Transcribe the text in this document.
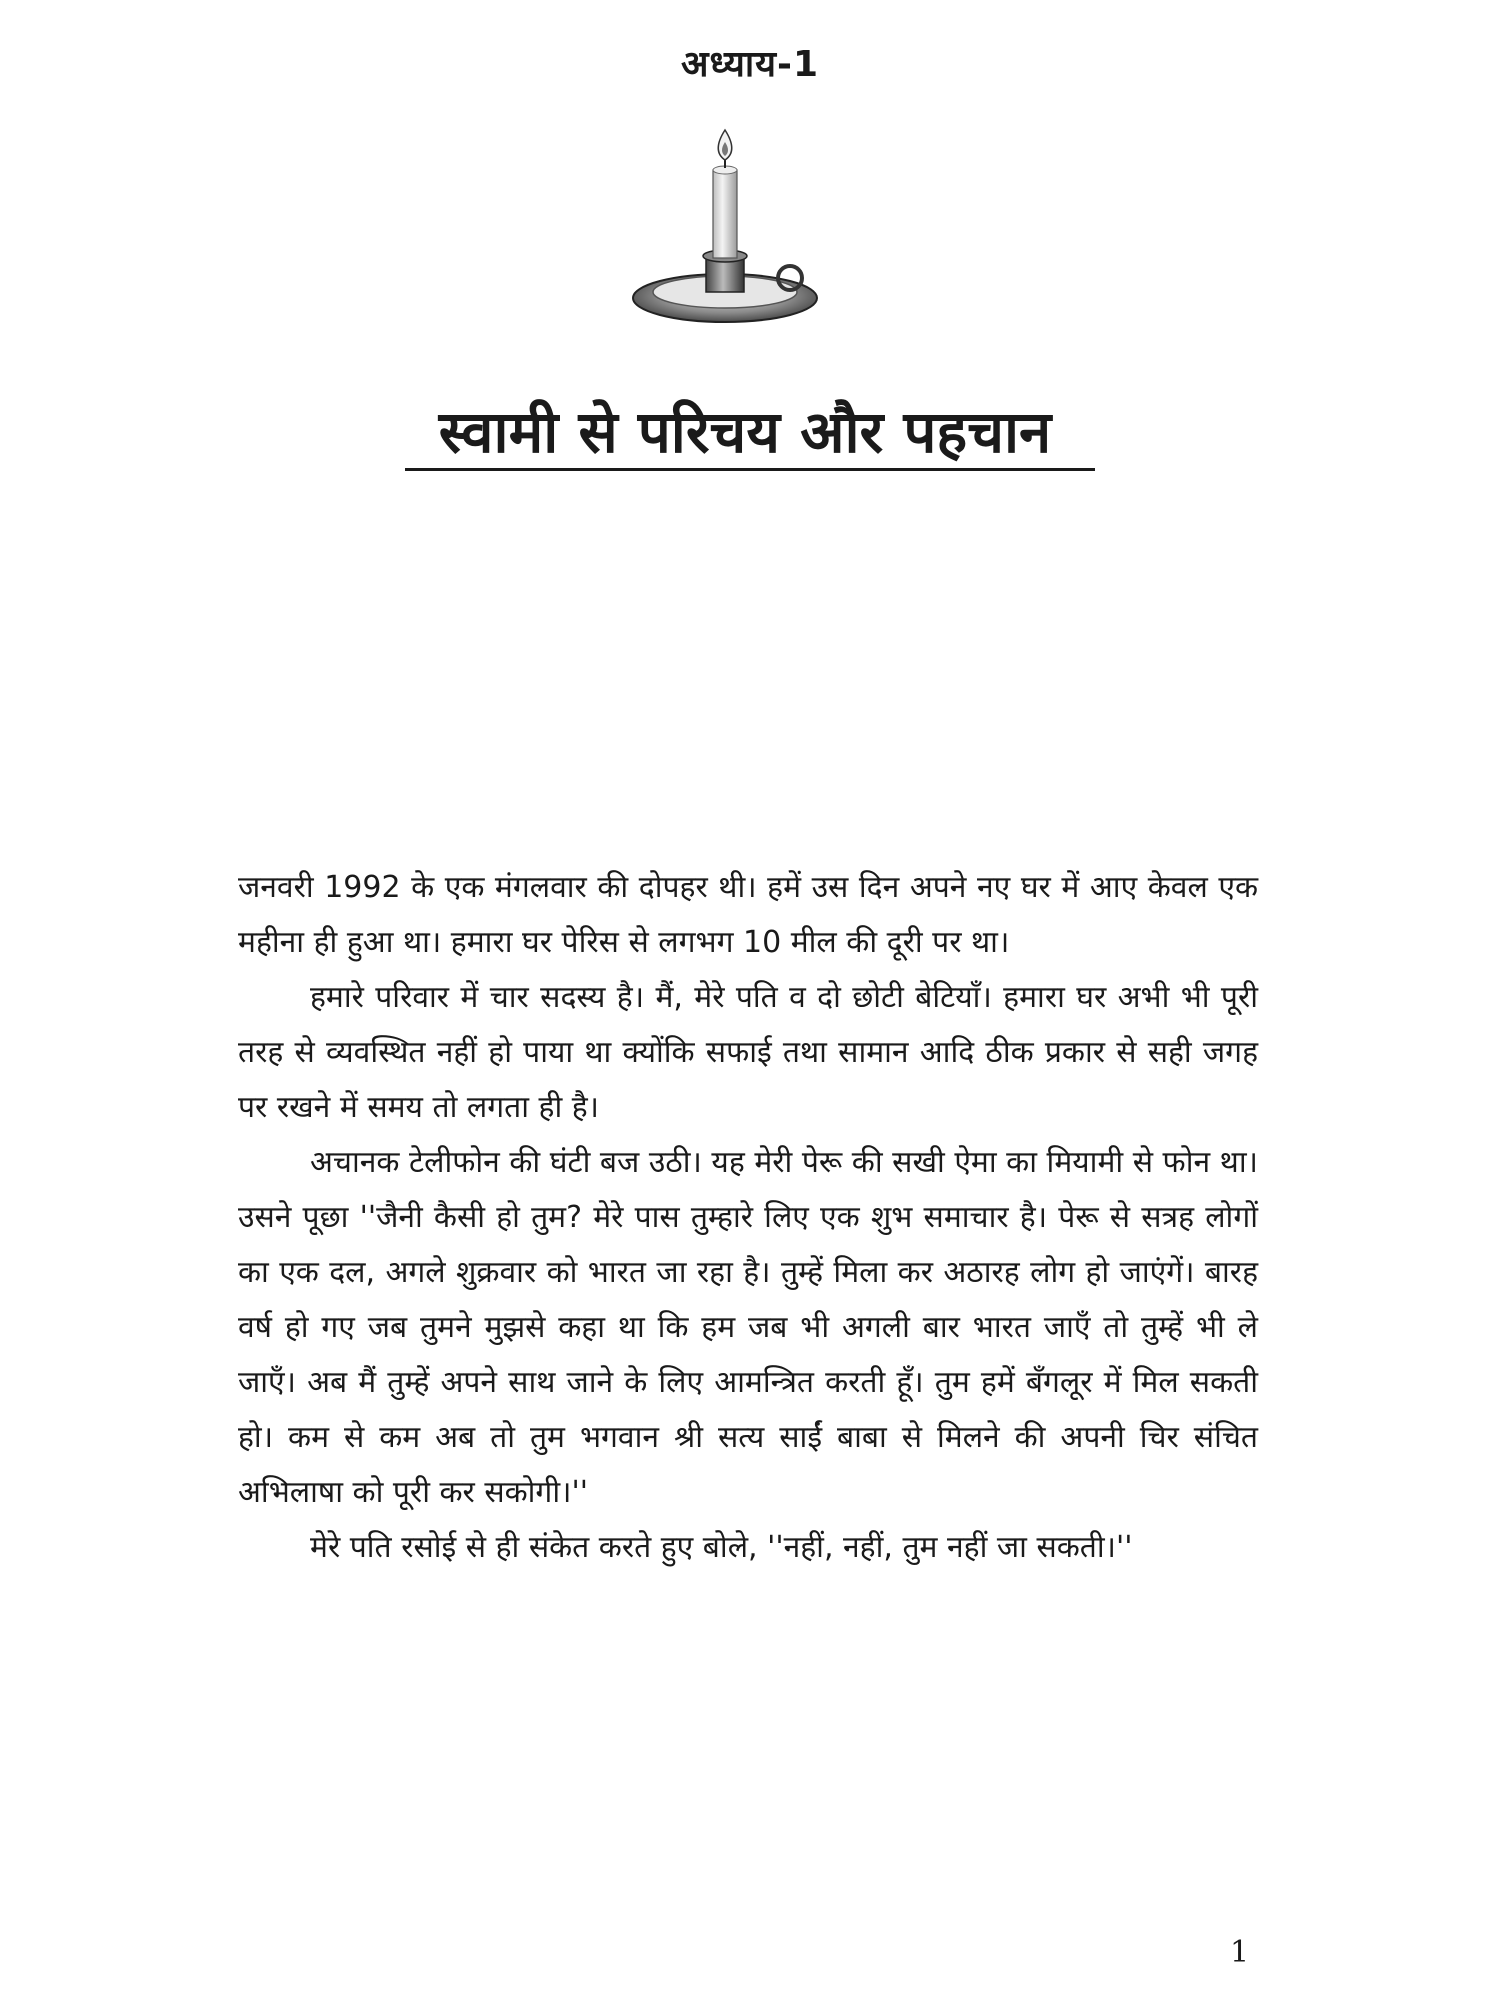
अध्याय-1
स्वामी से परिचय और पहचान

जनवरी 1992 के एक मंगलवार की दोपहर थी। हमें उस दिन अपने नए घर में आए केवल एक महीना ही हुआ था। हमारा घर पेरिस से लगभग 10 मील की दूरी पर था।

हमारे परिवार में चार सदस्य है। मैं, मेरे पति व दो छोटी बेटियाँ। हमारा घर अभी भी पूरी तरह से व्यवस्थित नहीं हो पाया था क्योंकि सफाई तथा सामान आदि ठीक प्रकार से सही जगह पर रखने में समय तो लगता ही है।

अचानक टेलीफोन की घंटी बज उठी। यह मेरी पेरू की सखी ऐमा का मियामी से फोन था। उसने पूछा ''जैनी कैसी हो तुम? मेरे पास तुम्हारे लिए एक शुभ समाचार है। पेरू से सत्रह लोगों का एक दल, अगले शुक्रवार को भारत जा रहा है। तुम्हें मिला कर अठारह लोग हो जाएंगें। बारह वर्ष हो गए जब तुमने मुझसे कहा था कि हम जब भी अगली बार भारत जाएँ तो तुम्हें भी ले जाएँ। अब मैं तुम्हें अपने साथ जाने के लिए आमन्त्रित करती हूँ। तुम हमें बँगलूर में मिल सकती हो। कम से कम अब तो तुम भगवान श्री सत्य साईं बाबा से मिलने की अपनी चिर संचित अभिलाषा को पूरी कर सकोगी।''

मेरे पति रसोई से ही संकेत करते हुए बोले, ''नहीं, नहीं, तुम नहीं जा सकती।''

1
